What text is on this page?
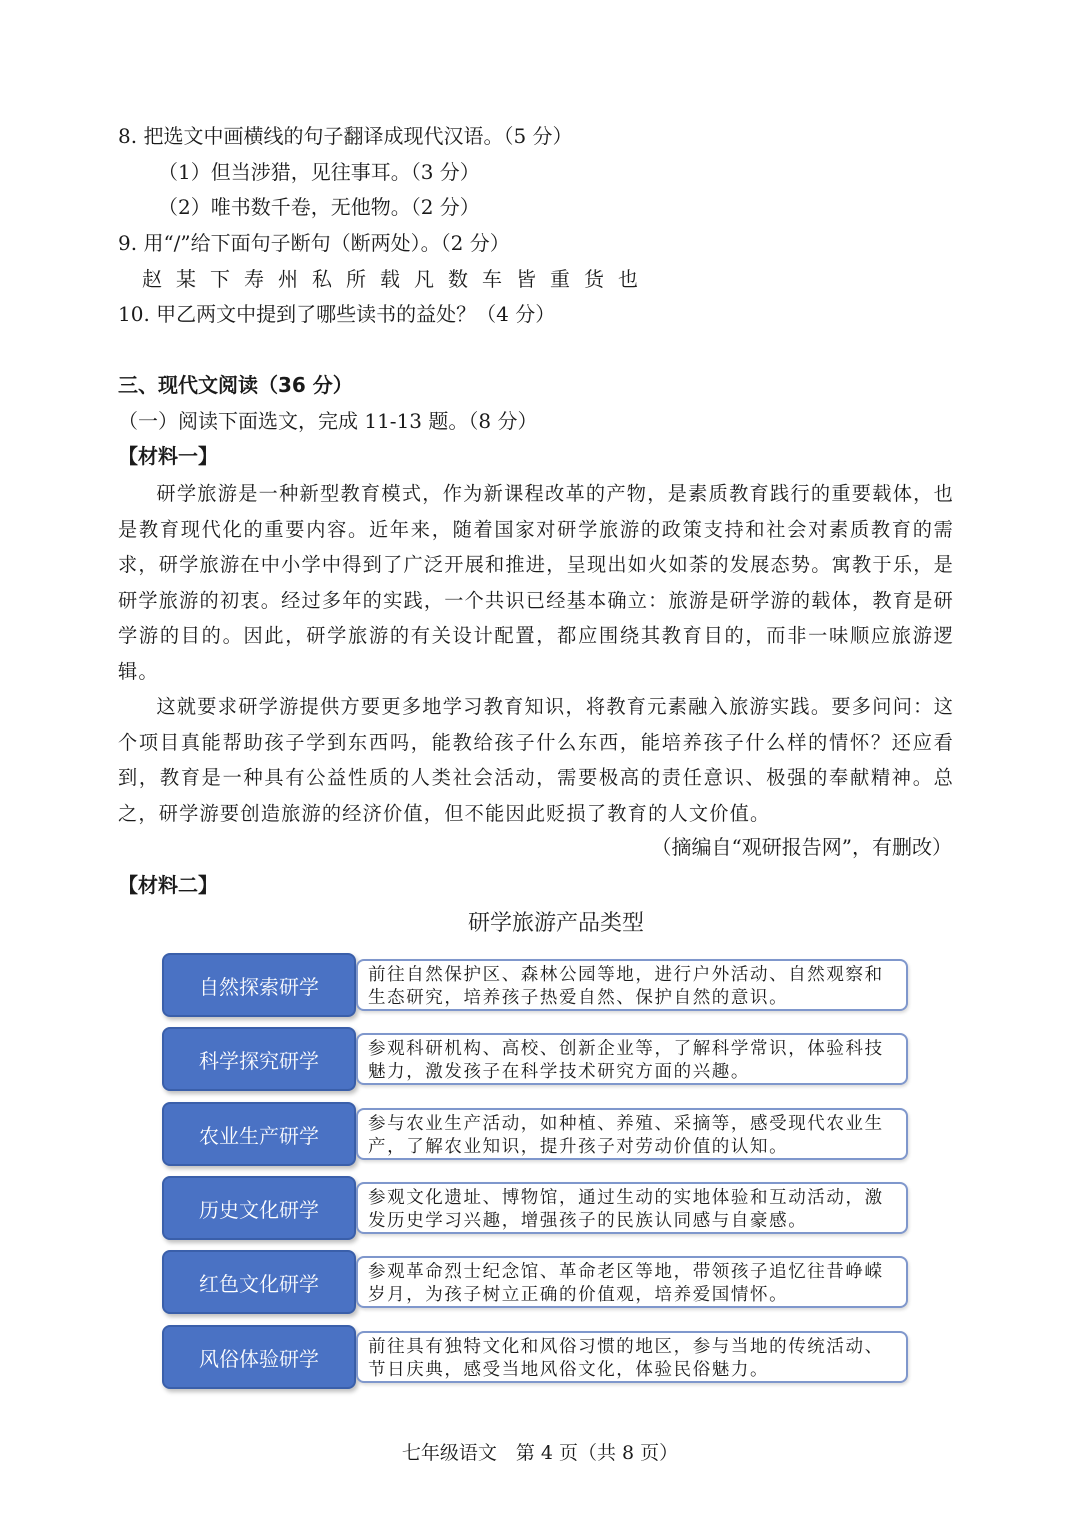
8. 把选文中画横线的句子翻译成现代汉语。（5 分）
（1）但当涉猎，见往事耳。（3 分）
（2）唯书数千卷，无他物。（2 分）
9. 用“/”给下面句子断句（断两处）。（2 分）
赵某下寿州私所载凡数车皆重货也
10. 甲乙两文中提到了哪些读书的益处？（4 分）
三、现代文阅读（36 分）
（一）阅读下面选文，完成 11-13 题。（8 分）
【材料一】
研学旅游是一种新型教育模式，作为新课程改革的产物，是素质教育践行的重要载体，也是教育现代化的重要内容。近年来，随着国家对研学旅游的政策支持和社会对素质教育的需求，研学旅游在中小学中得到了广泛开展和推进，呈现出如火如荼的发展态势。寓教于乐，是研学旅游的初衷。经过多年的实践，一个共识已经基本确立：旅游是研学游的载体，教育是研学游的目的。因此，研学旅游的有关设计配置，都应围绕其教育目的，而非一味顺应旅游逻辑。
这就要求研学游提供方要更多地学习教育知识，将教育元素融入旅游实践。要多问问：这个项目真能帮助孩子学到东西吗，能教给孩子什么东西，能培养孩子什么样的情怀？还应看到，教育是一种具有公益性质的人类社会活动，需要极高的责任意识、极强的奉献精神。总之，研学游要创造旅游的经济价值，但不能因此贬损了教育的人文价值。
（摘编自“观研报告网”，有删改）
【材料二】
研学旅游产品类型
自然探索研学	前往自然保护区、森林公园等地，进行户外活动、自然观察和生态研究，培养孩子热爱自然、保护自然的意识。
科学探究研学	参观科研机构、高校、创新企业等，了解科学常识，体验科技魅力，激发孩子在科学技术研究方面的兴趣。
农业生产研学	参与农业生产活动，如种植、养殖、采摘等，感受现代农业生产，了解农业知识，提升孩子对劳动价值的认知。
历史文化研学	参观文化遗址、博物馆，通过生动的实地体验和互动活动，激发历史学习兴趣，增强孩子的民族认同感与自豪感。
红色文化研学	参观革命烈士纪念馆、革命老区等地，带领孩子追忆往昔峥嵘岁月，为孩子树立正确的价值观，培养爱国情怀。
风俗体验研学	前往具有独特文化和风俗习惯的地区，参与当地的传统活动、节日庆典，感受当地风俗文化，体验民俗魅力。
七年级语文　第 4 页（共 8 页）
